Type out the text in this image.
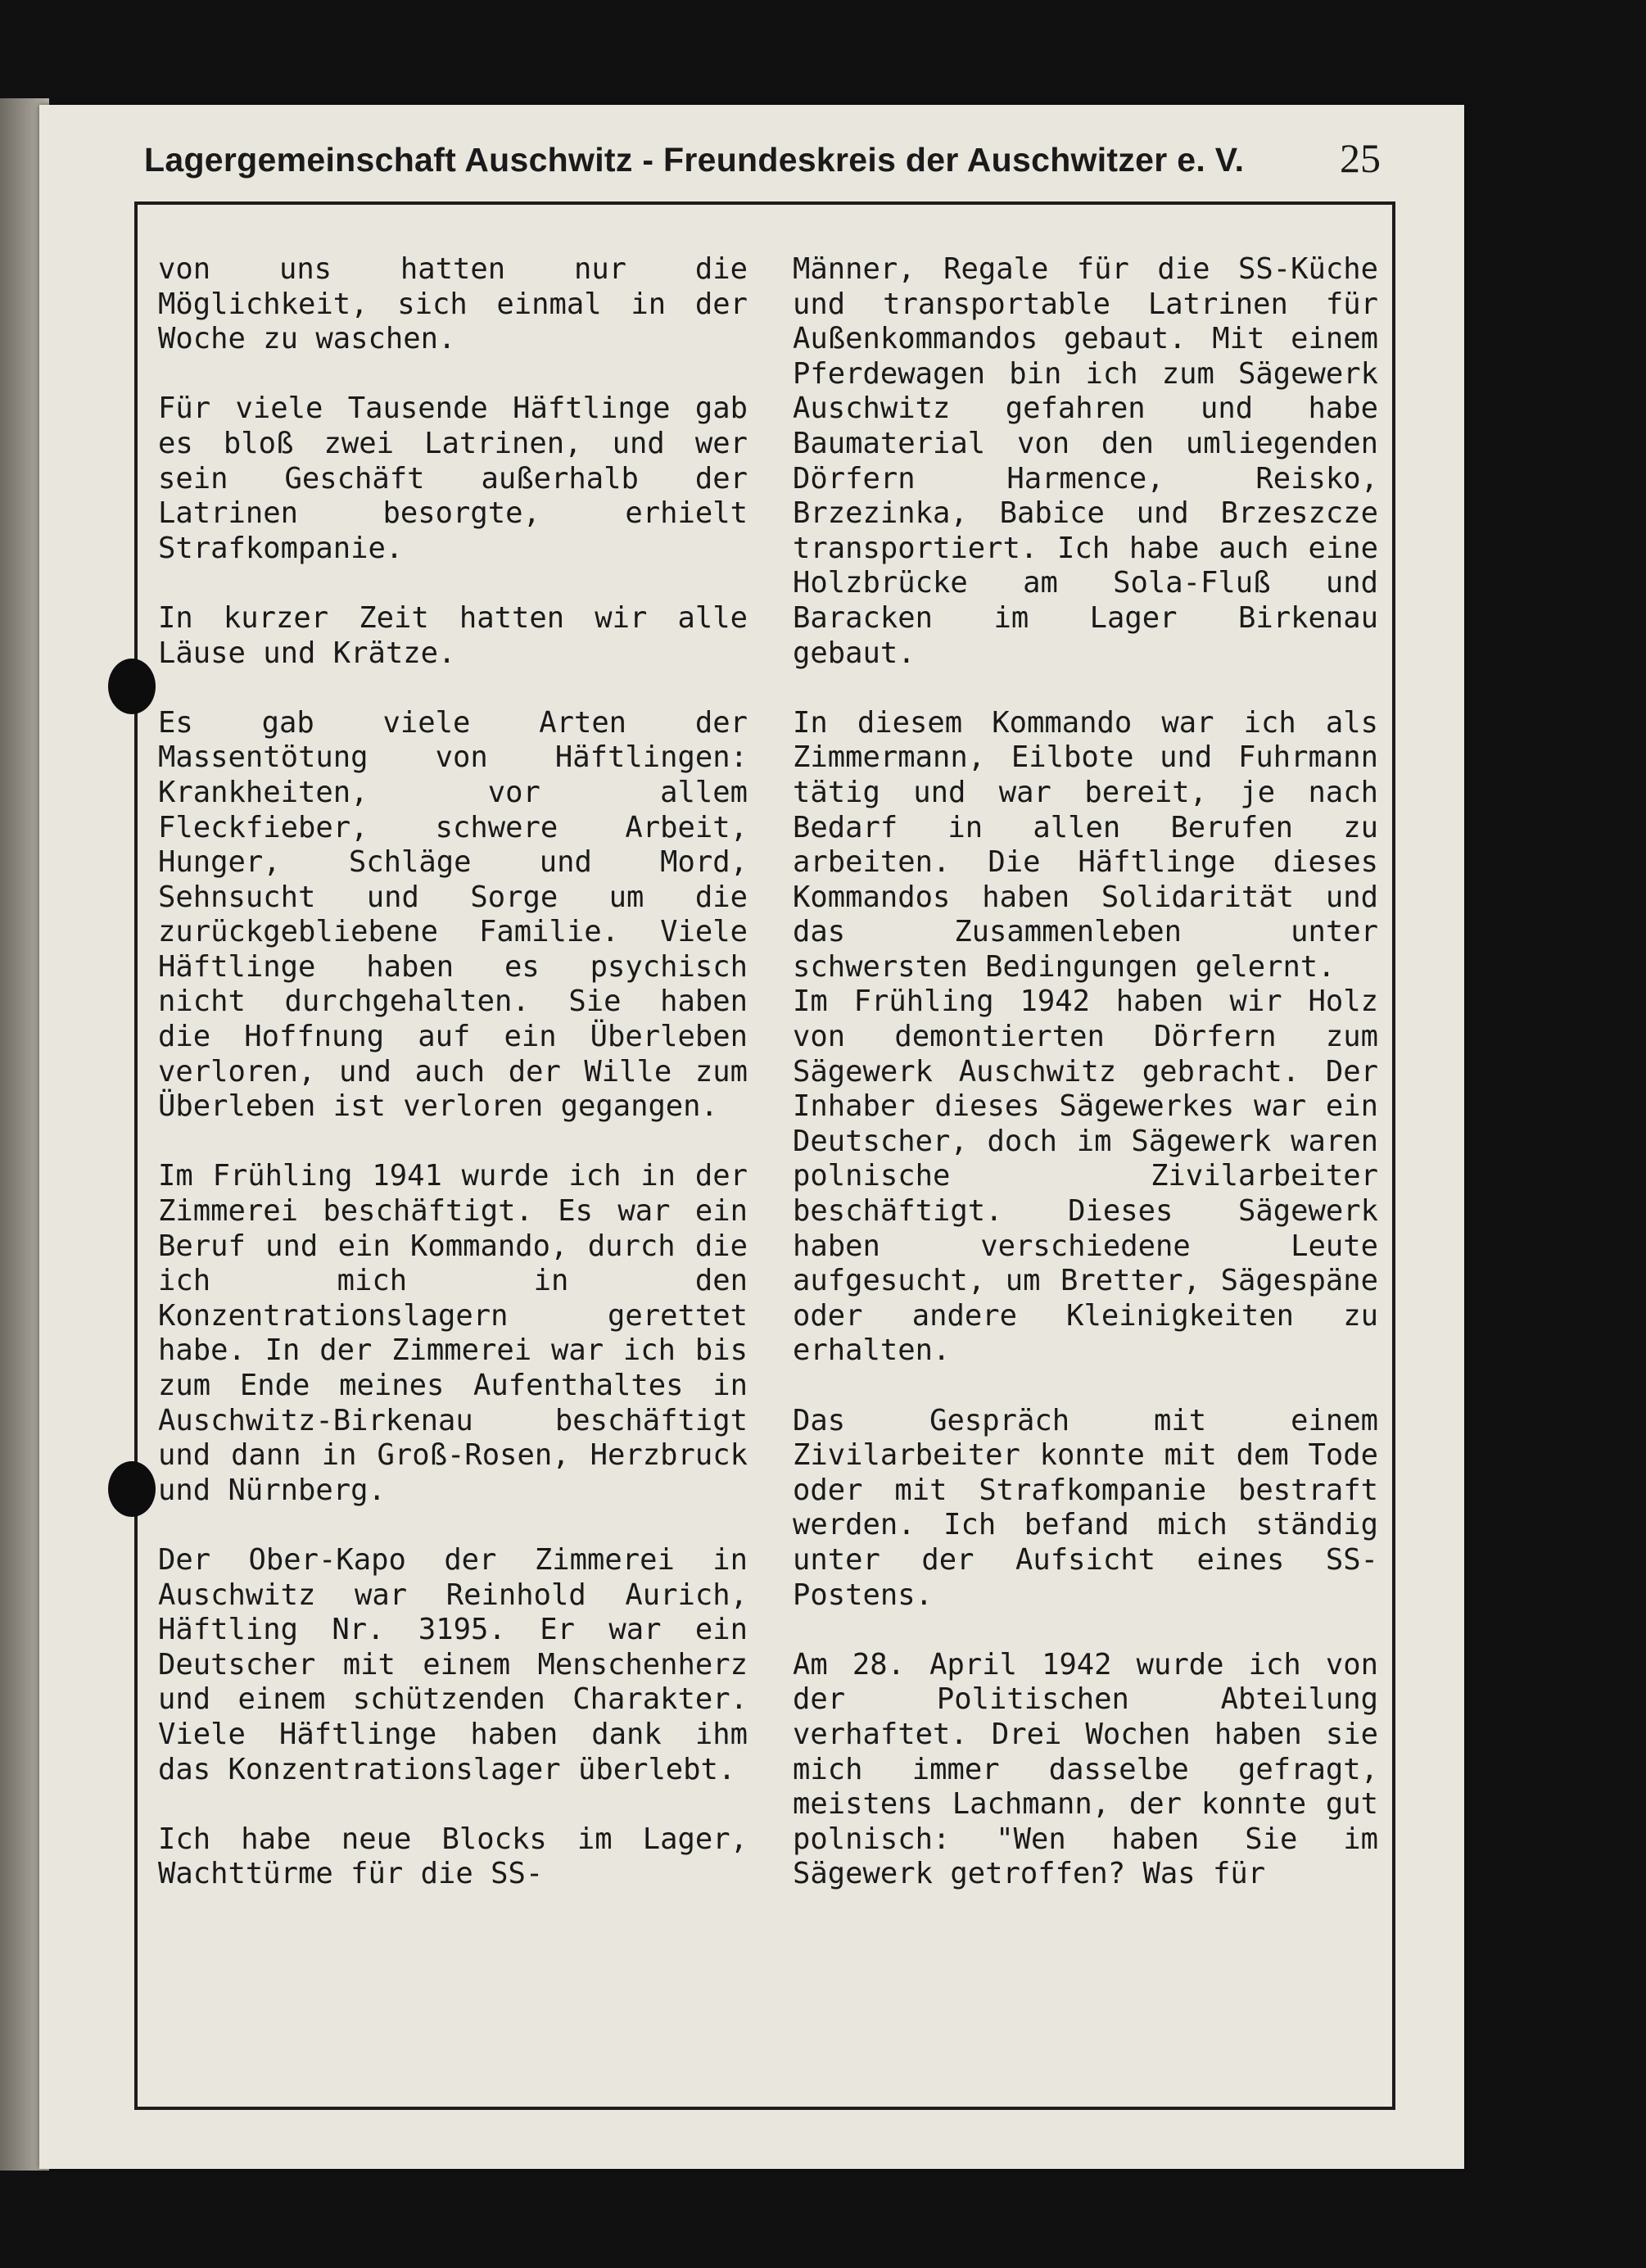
Lagergemeinschaft Auschwitz - Freundeskreis der Auschwitzer e. V. 25

von uns hatten nur die Möglichkeit, sich einmal in der Woche zu waschen.

Für viele Tausende Häftlinge gab es bloß zwei Latrinen, und wer sein Geschäft außerhalb der Latrinen besorgte, erhielt Strafkompanie.

In kurzer Zeit hatten wir alle Läuse und Krätze.

Es gab viele Arten der Massentötung von Häftlingen: Krankheiten, vor allem Fleckfieber, schwere Arbeit, Hunger, Schläge und Mord, Sehnsucht und Sorge um die zurückgebliebene Familie. Viele Häftlinge haben es psychisch nicht durchgehalten. Sie haben die Hoffnung auf ein Überleben verloren, und auch der Wille zum Überleben ist verloren gegangen.

Im Frühling 1941 wurde ich in der Zimmerei beschäftigt. Es war ein Beruf und ein Kommando, durch die ich mich in den Konzentrationslagern gerettet habe. In der Zimmerei war ich bis zum Ende meines Aufenthaltes in Auschwitz-Birkenau beschäftigt und dann in Groß-Rosen, Herzbruck und Nürnberg.

Der Ober-Kapo der Zimmerei in Auschwitz war Reinhold Aurich, Häftling Nr. 3195. Er war ein Deutscher mit einem Menschenherz und einem schützenden Charakter. Viele Häftlinge haben dank ihm das Konzentrationslager überlebt.

Ich habe neue Blocks im Lager, Wachttürme für die SS-

Männer, Regale für die SS-Küche und transportable Latrinen für Außenkommandos gebaut. Mit einem Pferdewagen bin ich zum Sägewerk Auschwitz gefahren und habe Baumaterial von den umliegenden Dörfern Harmence, Reisko, Brzezinka, Babice und Brzeszcze transportiert. Ich habe auch eine Holzbrücke am Sola-Fluß und Baracken im Lager Birkenau gebaut.

In diesem Kommando war ich als Zimmermann, Eilbote und Fuhrmann tätig und war bereit, je nach Bedarf in allen Berufen zu arbeiten. Die Häftlinge dieses Kommandos haben Solidarität und das Zusammenleben unter schwersten Bedingungen gelernt.

Im Frühling 1942 haben wir Holz von demontierten Dörfern zum Sägewerk Auschwitz gebracht. Der Inhaber dieses Sägewerkes war ein Deutscher, doch im Sägewerk waren polnische Zivilarbeiter beschäftigt. Dieses Sägewerk haben verschiedene Leute aufgesucht, um Bretter, Sägespäne oder andere Kleinigkeiten zu erhalten.

Das Gespräch mit einem Zivilarbeiter konnte mit dem Tode oder mit Strafkompanie bestraft werden. Ich befand mich ständig unter der Aufsicht eines SS-Postens.

Am 28. April 1942 wurde ich von der Politischen Abteilung verhaftet. Drei Wochen haben sie mich immer dasselbe gefragt, meistens Lachmann, der konnte gut polnisch: "Wen haben Sie im Sägewerk getroffen? Was für
